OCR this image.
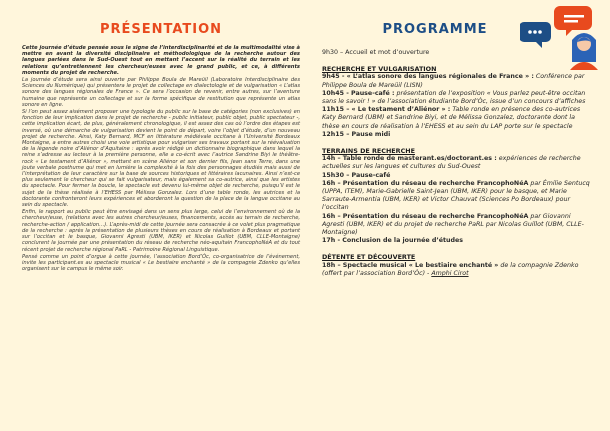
PRÉSENTATION

Cette journée d’étude pensée sous le signe de l’interdisciplinarité et de la multimodalité vise à mettre en avant la diversité disciplinaire et méthodologique de la recherche autour des langues parlées dans le Sud-Ouest tout en mettant l’accent sur la réalité du terrain et les relations qu’entretiennent les chercheur/euses avec le grand public, et ce, à différents moments du projet de recherche.

La journée d’étude sera ainsi ouverte par Philippe Boula de Mareüil (Laboratoire Interdisciplinaire des Sciences du Numérique) qui présentera le projet de collectage en dialectologie et de vulgarisation « L’atlas sonore des langues régionales de France ». Ce sera l’occasion de revenir, entre autres, sur l’aventure humaine que représente un collectage et sur la forme spécifique de restitution que représente un atlas sonore en ligne.

Si l’on peut assez aisément proposer une typologie du public sur la base de catégories (non exclusives) en fonction de leur implication dans le projet de recherche - public initiateur, public objet, public spectateur -, cette implication écart, de plus, généralement chronologique, il est assez des cas où l’ordre des étapes est inversé, où une démarche de vulgarisation devient le point de départ, voire l’objet d’étude, d’un nouveau projet de recherche. Ainsi, Katy Bernard, MCF en littérature médiévale occitane à l’Université Bordeaux Montaigne, a entre autres choisi une voie artistique pour vulgariser ses travaux portant sur la réévaluation de la légende noire d’Aliénor d’Aquitaine : après avoir rédigé un dictionnaire biographique dans lequel la reine s’adresse au lecteur à la première personne, elle a co-écrit avec l’autrice Sandrine Biyi le théâtre-rock « Le testament d’Aliénor », mettant en scène Aliénor et son dernier fils, Jean sans Terre, dans une joute verbale posthume qui met en lumière la complexité à la fois des personnages étudiés mais aussi de l’interprétation de leur caractère sur la base de sources historiques et littéraires lacunaires. Ainsi n’est-ce plus seulement le chercheur qui se fait vulgarisateur, mais également sa co-autrice, ainsi que les artistes du spectacle. Pour fermer la boucle, le spectacle est devenu lui-même objet de recherche, puisqu’il est le sujet de la thèse réalisée à l’EHESS par Mélissa Gonzalez. Lors d’une table ronde, les autrices et la doctorante confronteront leurs expériences et aborderont la question de la place de la langue occitane au sein du spectacle.

Enfin, le rapport au public peut être envisagé dans un sens plus large, celui de l’environnement où de la chercheur/euse, (relations avec les autres chercheur/euses, financements, accès au terrain de recherche, recherche-action / application…). L’après-midi de cette journée sera consacrée à ce volet plus pragmatique de la recherche : après la présentation de plusieurs thèses en cours de réalisation à Bordeaux et portant sur l’occitan et le basque, Giovanni Agresti (UBM, IKER) et Nicolas Guillot (UBM, CLLE-Montaigne) conclurent la journée par une présentation du réseau de recherche néo-aquitain FrancophoNéA et du tout récent projet de recherche régional PaRL - Patrimoine Régional Linguistique.

Pensé comme un point d’orgue à cette journée, l’association Bord’Òc, co-organisatrice de l’événement, invite les participant.es au spectacle musical « Le bestiaire enchanté » de la compagnie Zdenko qu’elles organisent sur le campus le même soir.

PROGRAMME

9h30 – Accueil et mot d’ouverture

RECHERCHE ET VULGARISATION

9h45 - « L’atlas sonore des langues régionales de France » : Conférence par Philippe Boula de Mareüil (LISN)

10h45 - Pause-café : présentation de l’exposition « Vous parlez peut-être occitan sans le savoir ! » de l’association étudiante Bord’Òc, issue d’un concours d’affiches

11h15 – « Le testament d’Aliénor » : Table ronde en présence des co-autrices Katy Bernard (UBM) et Sandrine Biyi, et de Mélissa Gonzalez, doctorante dont la thèse en cours de réalisation à l’EHESS et au sein du LAP porte sur le spectacle

12h15 – Pause midi

TERRAINS DE RECHERCHE

14h – Table ronde de masterant.es/doctorant.es : expériences de recherche actuelles sur les langues et cultures du Sud-Ouest

15h30 – Pause-café

16h – Présentation du réseau de recherche FrancophoNéA par Émilie Sentucq (UPPA, ITEM), Marie-Gabrielle Saint-Jean (UBM, IKER) pour le basque, et Marie Sarraute-Armentia (UBM, IKER) et Victor Chauvat (Sciences Po Bordeaux) pour l’occitan

16h – Présentation du réseau de recherche FrancophoNéA par Giovanni Agresti (UBM, IKER) et du projet de recherche PaRL par Nicolas Guillot (UBM, CLLE-Montaigne)

17h - Conclusion de la journée d’études

DÉTENTE ET DÉCOUVERTE

18h – Spectacle musical « Le bestiaire enchanté » de la compagnie Zdenko (offert par l’association Bord’Òc) - Amphi Cirot
